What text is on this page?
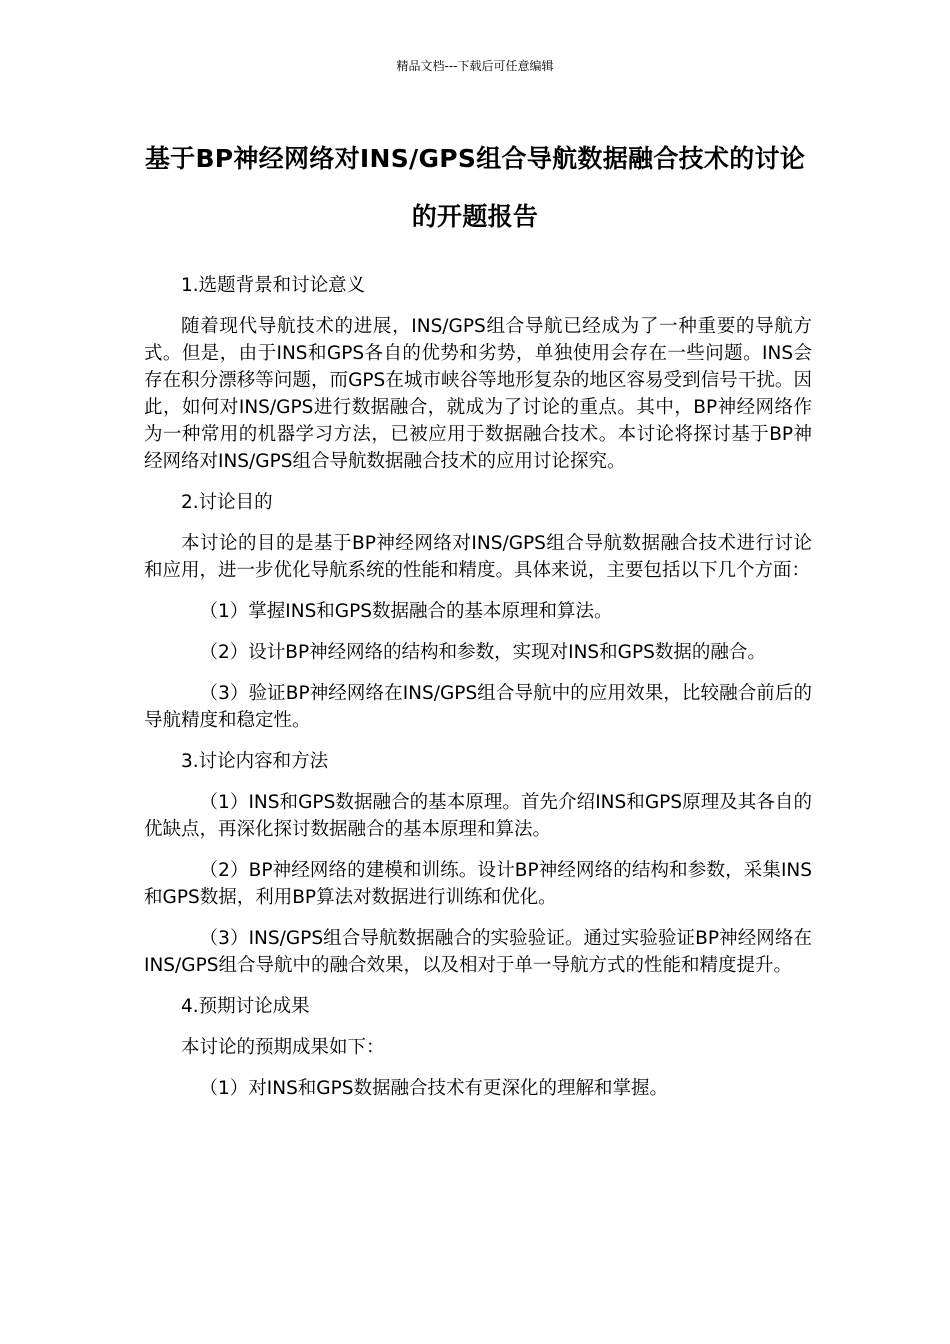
精品文档---下载后可任意编辑
基于BP神经网络对INS/GPS组合导航数据融合技术的讨论的开题报告

1.选题背景和讨论意义

随着现代导航技术的进展，INS/GPS组合导航已经成为了一种重要的导航方式。但是，由于INS和GPS各自的优势和劣势，单独使用会存在一些问题。INS会存在积分漂移等问题，而GPS在城市峡谷等地形复杂的地区容易受到信号干扰。因此，如何对INS/GPS进行数据融合，就成为了讨论的重点。其中，BP神经网络作为一种常用的机器学习方法，已被应用于数据融合技术。本讨论将探讨基于BP神经网络对INS/GPS组合导航数据融合技术的应用讨论探究。

2.讨论目的

本讨论的目的是基于BP神经网络对INS/GPS组合导航数据融合技术进行讨论和应用，进一步优化导航系统的性能和精度。具体来说，主要包括以下几个方面：

（1）掌握INS和GPS数据融合的基本原理和算法。

（2）设计BP神经网络的结构和参数，实现对INS和GPS数据的融合。

（3）验证BP神经网络在INS/GPS组合导航中的应用效果，比较融合前后的导航精度和稳定性。

3.讨论内容和方法

（1）INS和GPS数据融合的基本原理。首先介绍INS和GPS原理及其各自的优缺点，再深化探讨数据融合的基本原理和算法。

（2）BP神经网络的建模和训练。设计BP神经网络的结构和参数，采集INS和GPS数据，利用BP算法对数据进行训练和优化。

（3）INS/GPS组合导航数据融合的实验验证。通过实验验证BP神经网络在INS/GPS组合导航中的融合效果，以及相对于单一导航方式的性能和精度提升。

4.预期讨论成果

本讨论的预期成果如下：

（1）对INS和GPS数据融合技术有更深化的理解和掌握。
